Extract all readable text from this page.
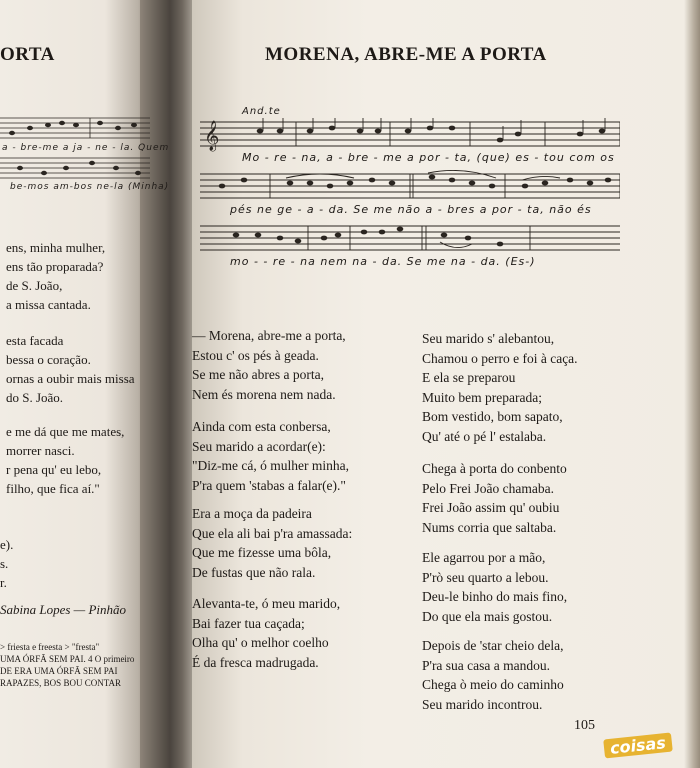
ORTA
a - bre-me a ja - ne - la. Quem
be-mos am-bos ne-la (Minha)
ens, minha mulher,
ens tão proparada?
de S. João,
a missa cantada.
esta facada
bessa o coração.
ornas a oubir mais missa
do S. João.
e me dá que me mates,
morrer nasci.
r pena qu' eu lebo,
filho, que fica aí."
e).
s.
r.
Sabina Lopes — Pinhão
> friesta e freesta > "fresta"
UMA ÓRFÃ SEM PAI. 4 O primeiro
DE ERA UMA ÓRFÃ SEM PAI
RAPAZES, BOS BOU CONTAR
MORENA, ABRE-ME A PORTA
And.te
𝄞
Mo - re - na, a - bre - me a por - ta, (que) es - tou com os
pés ne ge - a - da. Se me não a - bres a por - ta, não és
mo - - re - na nem na - da. Se me na - da. (Es-)
— Morena, abre-me a porta,
Estou c' os pés à geada.
Se me não abres a porta,
Nem és morena nem nada.
Ainda com esta conbersa,
Seu marido a acordar(e):
"Diz-me cá, ó mulher minha,
P'ra quem 'stabas a falar(e)."
Era a moça da padeira
Que ela ali bai p'ra amassada:
Que me fizesse uma bôla,
De fustas que não rala.
Alevanta-te, ó meu marido,
Bai fazer tua caçada;
Olha qu' o melhor coelho
É da fresca madrugada.
Seu marido s' alebantou,
Chamou o perro e foi à caça.
E ela se preparou
Muito bem preparada;
Bom vestido, bom sapato,
Qu' até o pé l' estalaba.
Chega à porta do conbento
Pelo Frei João chamaba.
Frei João assim qu' oubiu
Nums corria que saltaba.
Ele agarrou por a mão,
P'rò seu quarto a lebou.
Deu-le binho do mais fino,
Do que ela mais gostou.
Depois de 'star cheio dela,
P'ra sua casa a mandou.
Chega ò meio do caminho
Seu marido incontrou.
105
coisas
